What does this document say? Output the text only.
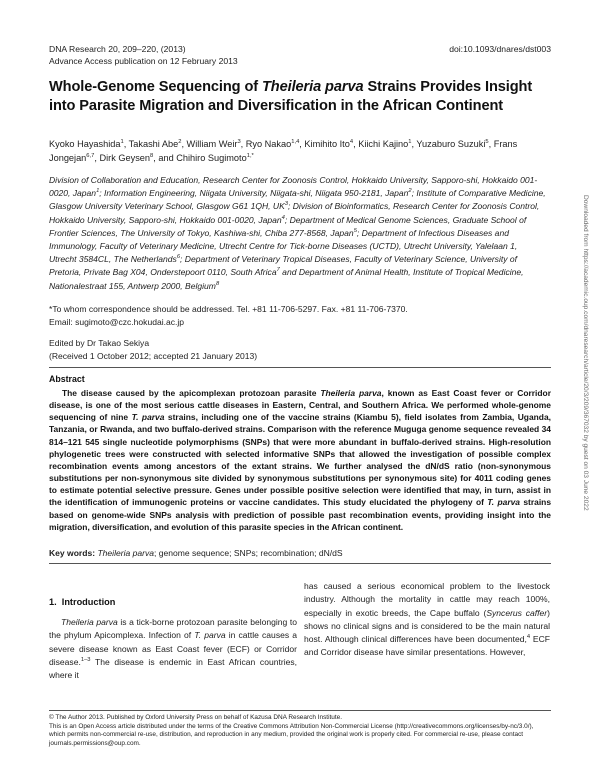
DNA Research 20, 209–220, (2013)	doi:10.1093/dnares/dst003
Advance Access publication on 12 February 2013
Whole-Genome Sequencing of Theileria parva Strains Provides Insight into Parasite Migration and Diversification in the African Continent
Kyoko Hayashida$^1$, Takashi Abe$^2$, William Weir$^3$, Ryo Nakao$^{1,4}$, Kimihito Ito$^4$, Kiichi Kajino$^1$, Yuzaburo Suzuki$^5$, Frans Jongejan$^{6,7}$, Dirk Geysen$^8$, and Chihiro Sugimoto$^{1,*}$

Division of Collaboration and Education, Research Center for Zoonosis Control, Hokkaido University, Sapporo-shi, Hokkaido 001-0020, Japan$^1$; Information Engineering, Niigata University, Niigata-shi, Niigata 950-2181, Japan$^2$; Institute of Comparative Medicine, Glasgow University Veterinary School, Glasgow G61 1QH, $UK^3$; Division of Bioinformatics, Research Center for Zoonosis Control, Hokkaido University, Sapporo-shi, Hokkaido 001-0020, Japan$^4$; Department of Medical Genome Sciences, Graduate School of Frontier Sciences, The University of Tokyo, Kashiwa-shi, Chiba 277-8568, Japan$^5$; Department of Infectious Diseases and Immunology, Faculty of Veterinary Medicine, Utrecht Centre for Tick-borne Diseases (UCTD), Utrecht University, Yalelaan 1, Utrecht 3584CL, The Netherlands$^6$; Department of Veterinary Tropical Diseases, Faculty of Veterinary Science, University of Pretoria, Private Bag X04, Onderstepoort 0110, South Africa$^7$ and Department of Animal Health, Institute of Tropical Medicine, Nationalestraat 155, Antwerp 2000, Belgium$^8$

*To whom correspondence should be addressed. Tel. +81 11-706-5297. Fax. +81 11-706-7370.
Email: sugimoto@czc.hokudai.ac.jp
Edited by Dr Takao Sekiya
(Received 1 October 2012; accepted 21 January 2013)
Abstract

The disease caused by the apicomplexan protozoan parasite Theileria parva, known as East Coast fever or Corridor disease, is one of the most serious cattle diseases in Eastern, Central, and Southern Africa. We performed whole-genome sequencing of nine T. parva strains, including one of the vaccine strains (Kiambu 5), field isolates from Zambia, Uganda, Tanzania, or Rwanda, and two buffalo-derived strains. Comparison with the reference Muguga genome sequence revealed 34 814–121 545 single nucleotide polymorphisms (SNPs) that were more abundant in buffalo-derived strains. High-resolution phylogenetic trees were constructed with selected informative SNPs that allowed the investigation of possible complex recombination events among ancestors of the extant strains. We further analysed the dN/dS ratio (non-synonymous substitutions per non-synonymous site divided by synonymous substitutions per synonymous site) for 4011 coding genes to estimate potential selective pressure. Genes under possible positive selection were identified that may, in turn, assist in the identification of immunogenic proteins or vaccine candidates. This study elucidated the phylogeny of T. parva strains based on genome-wide SNPs analysis with prediction of possible past recombination events, providing insight into the migration, diversification, and evolution of this parasite species in the African continent.

Key words: Theileria parva; genome sequence; SNPs; recombination; dN/dS
1.  Introduction

Theileria parva is a tick-borne protozoan parasite belonging to the phylum Apicomplexa. Infection of T. parva in cattle causes a severe disease known as East Coast fever (ECF) or Corridor disease.$^{1-3}$ The disease is endemic in East African countries, where it

has caused a serious economical problem to the livestock industry. Although the mortality in cattle may reach 100%, especially in exotic breeds, the Cape buffalo (Syncerus caffer) shows no clinical signs and is considered to be the main natural host. Although clinical differences have been documented,$^4$ ECF and Corridor disease have similar presentations. However,

© The Author 2013. Published by Oxford University Press on behalf of Kazusa DNA Research Institute.
This is an Open Access article distributed under the terms of the Creative Commons Attribution Non-Commercial License (http://creativecommons.org/licenses/by-nc/3.0/), which permits non-commercial re-use, distribution, and reproduction in any medium, provided the original work is properly cited. For commercial re-use, please contact journals.permissions@oup.com.
Downloaded from https://academic.oup.com/dnaresearch/article/20/3/209/367032 by guest on 03 June 2022
